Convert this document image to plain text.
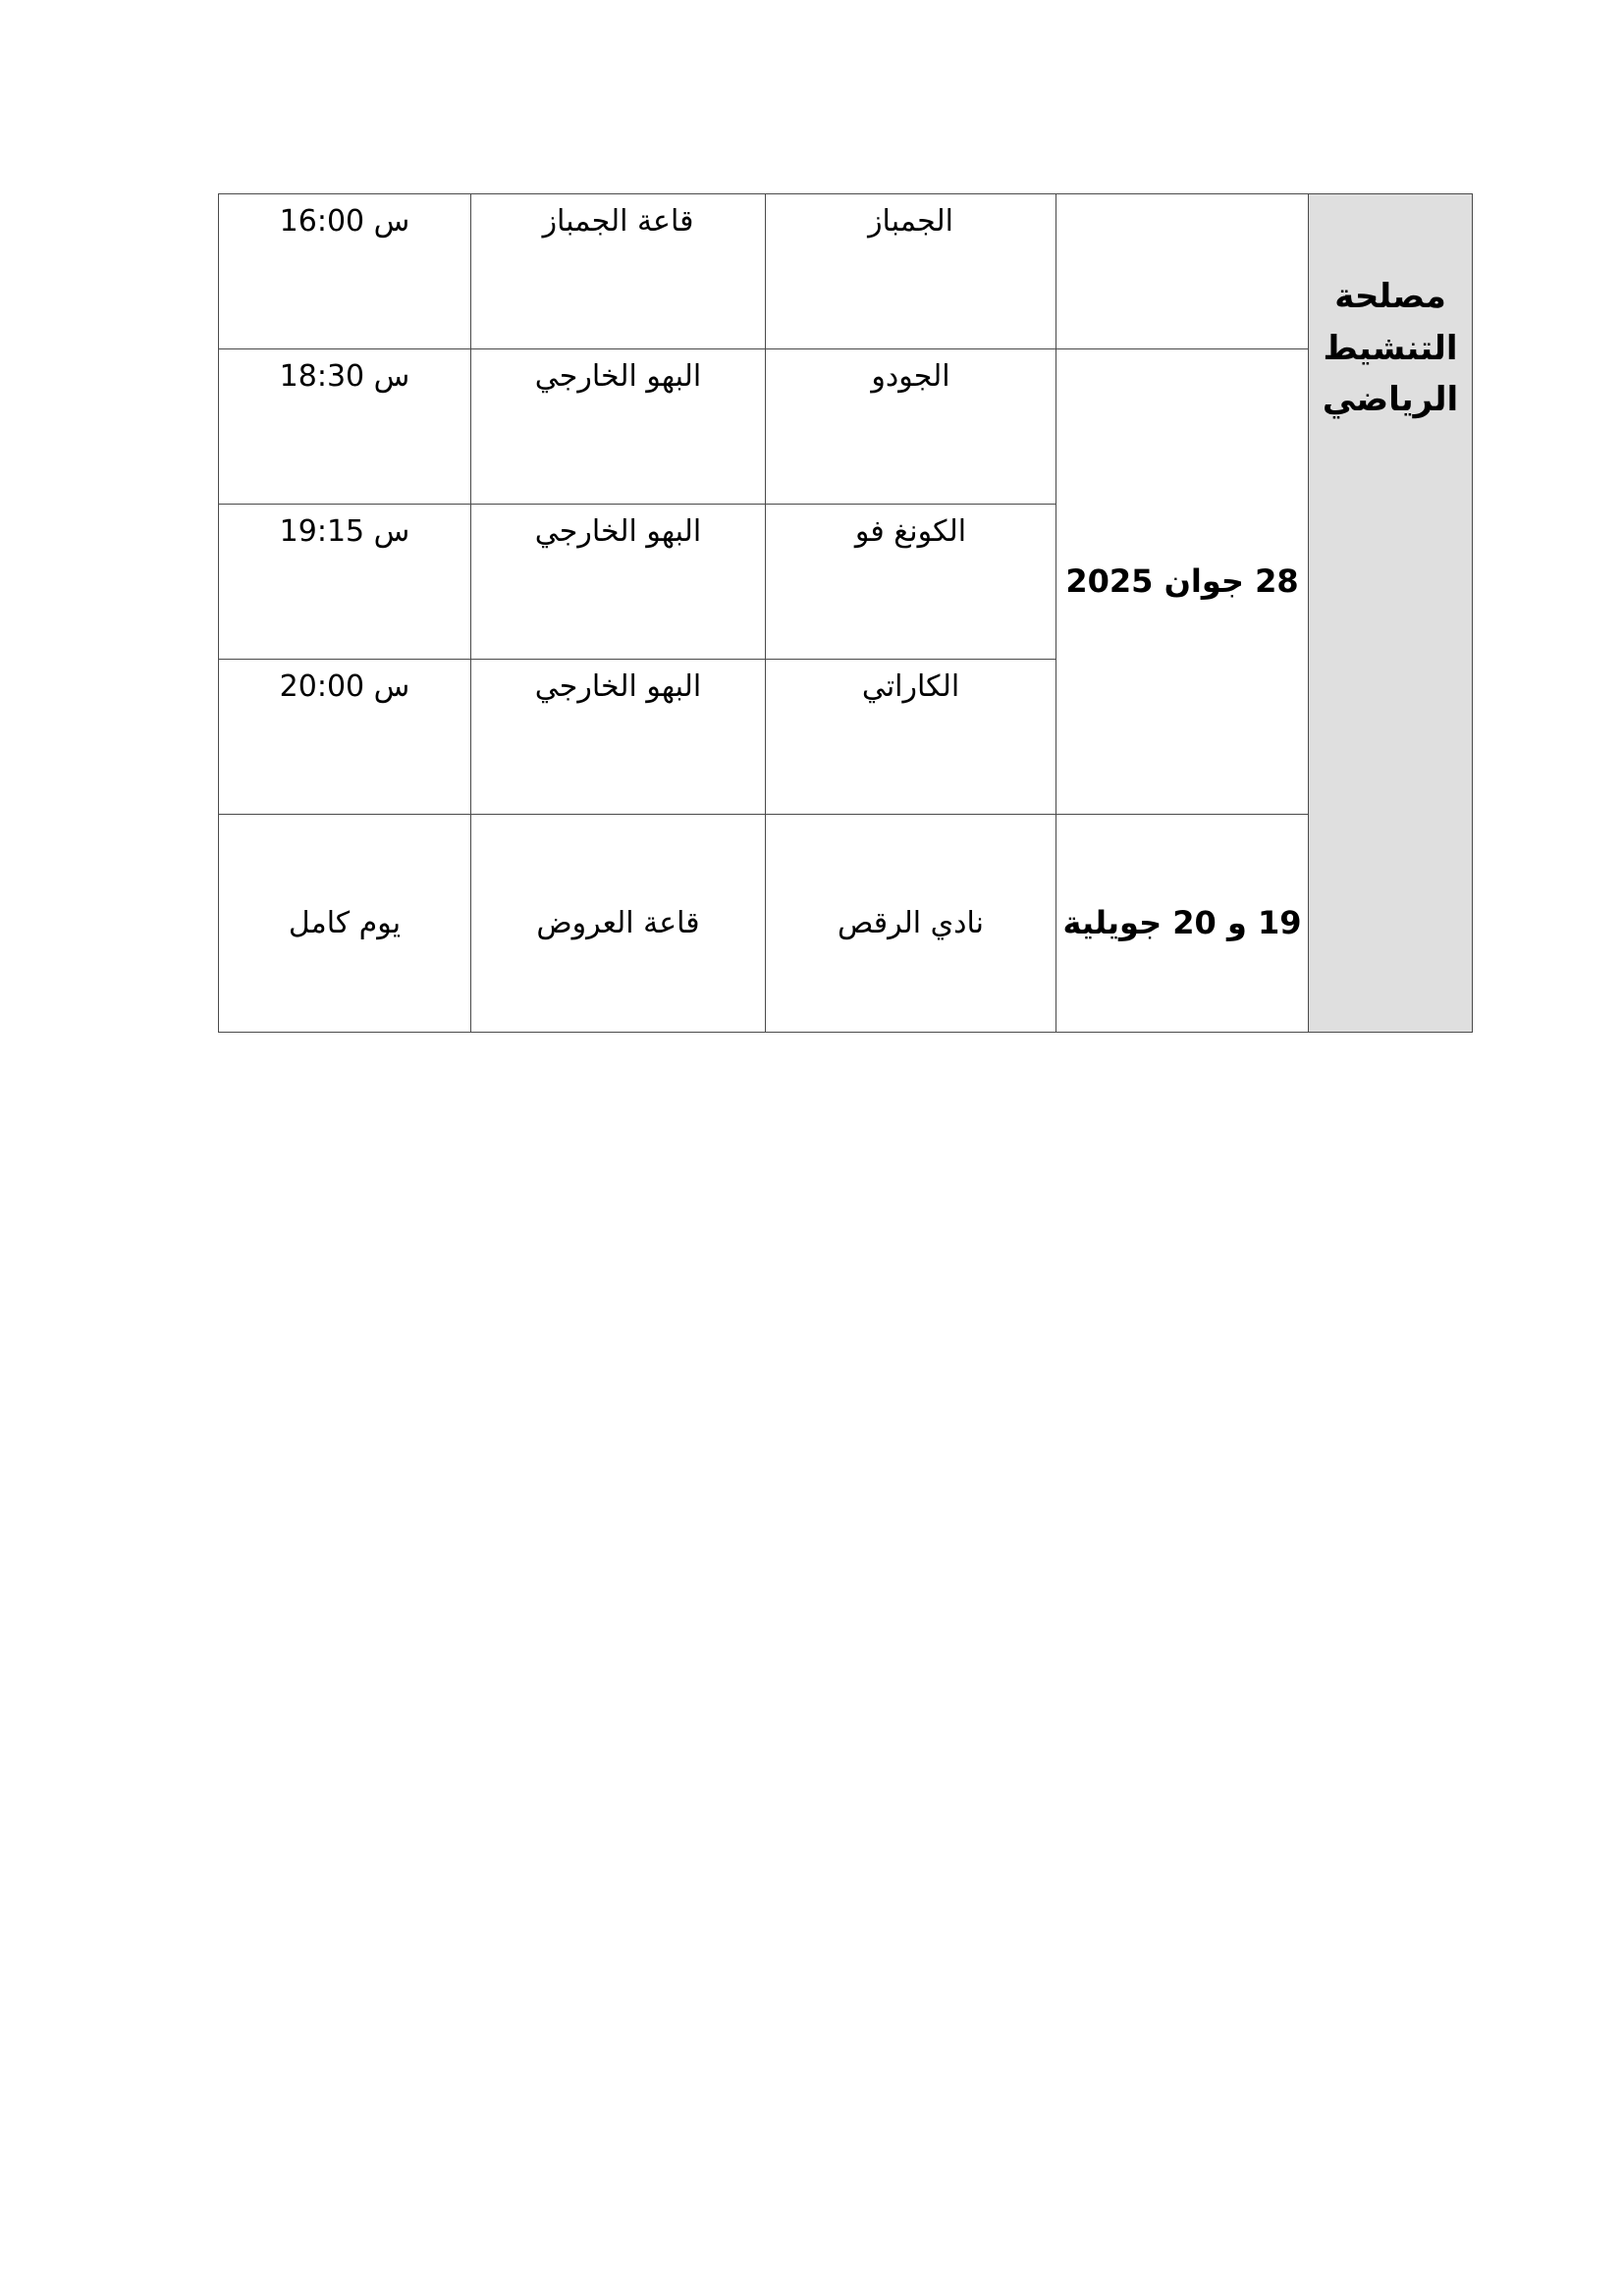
مصلحة
التنشيط
الرياضي		الجمباز	قاعة الجمباز	س 16:00
	28 جوان 2025	الجودو	البهو الخارجي	س 18:30
		الكونغ فو	البهو الخارجي	س 19:15
		الكاراتي	البهو الخارجي	س 20:00
	19 و 20 جويلية	نادي الرقص	قاعة العروض	يوم كامل
